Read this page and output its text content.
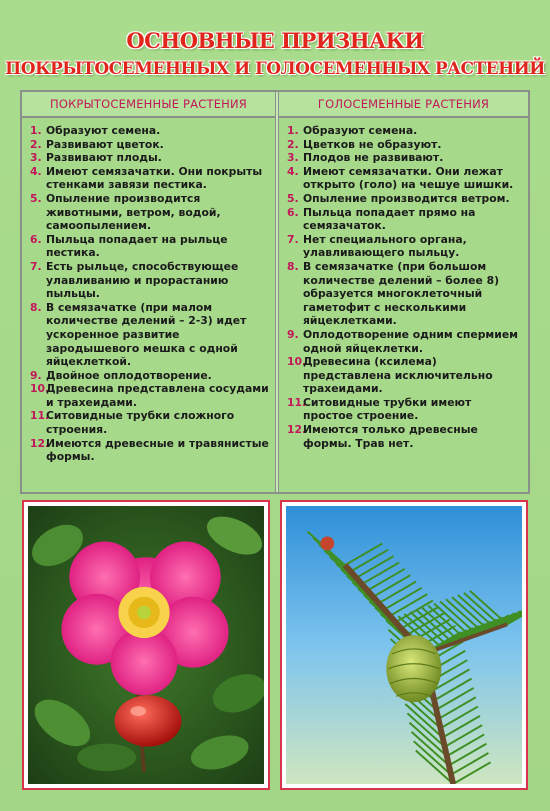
ОСНОВНЫЕ ПРИЗНАКИ
ПОКРЫТОСЕМЕННЫХ И ГОЛОСЕМЕННЫХ РАСТЕНИЙ
ПОКРЫТОСЕМЕННЫЕ РАСТЕНИЯ
1. Образуют семена.
2. Развивают цветок.
3. Развивают плоды.
4. Имеют семязачатки. Они покрыты стенками завязи пестика.
5. Опыление производится животными, ветром, водой, самоопылением.
6. Пыльца попадает на рыльце пестика.
7. Есть рыльце, способствующее улавливанию и прорастанию пыльцы.
8. В семязачатке (при малом количестве делений – 2-3) идет ускоренное развитие зародышевого мешка с одной яйцеклеткой.
9. Двойное оплодотворение.
10.
Древесина представлена сосудами и трахеидами.
11.
Ситовидные трубки сложного строения.
12.
Имеются древесные и травянистые формы.
ГОЛОСЕМЕННЫЕ РАСТЕНИЯ
1. Образуют семена.
2. Цветков не образуют.
3. Плодов не развивают.
4. Имеют семязачатки. Они лежат открыто (голо) на чешуе шишки.
5. Опыление производится ветром.
6. Пыльца попадает прямо на семязачаток.
7. Нет специального органа, улавливающего пыльцу.
8. В семязачатке (при большом количестве делений – более 8) образуется многоклеточный гаметофит с несколькими яйцеклетками.
9. Оплодотворение одним спермием одной яйцеклетки.
10.
Древесина (ксилема) представлена исключительно трахеидами.
11.
Ситовидные трубки имеют простое строение.
12.
Имеются только древесные формы. Трав нет.
